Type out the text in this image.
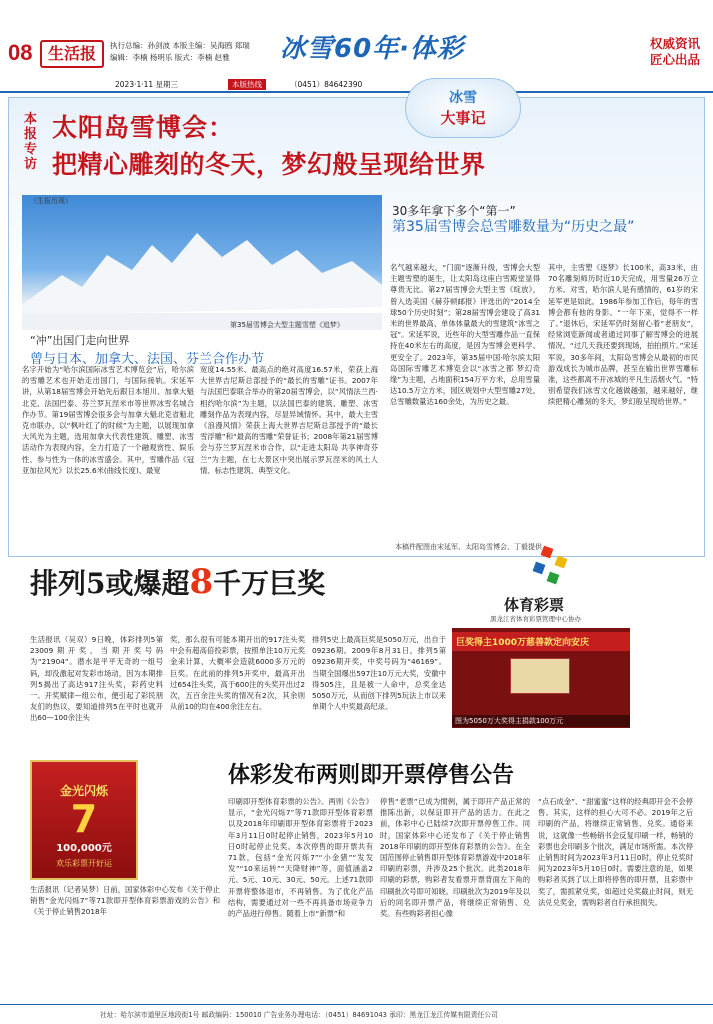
08 生活报	执行总编：孙剑波 本版主编：吴海鸥 郑瑞
编辑：李楠 杨明乐 版式：李楠 赵雅	冰雪60年·体彩	权威资讯
匠心出品
2023·1·11 星期三	本版热线	（0451）84642390
本报专访
太阳岛雪博会：
把精心雕刻的冬天，梦幻般呈现给世界
冰雪
大事记
（生报历视）
第35届雪博会大型主题雪塑《追梦》
30多年拿下多个“第一”
第35届雪博会总雪雕数量为“历史之最”
“冲”出国门走向世界
曾与日本、加拿大、法国、芬兰合作办节
名字开始为“哈尔滨国际冰雪艺术博览会”后，哈尔滨的雪雕艺术也开始走出国门，与国际接轨。宋延军讲，从第18届雪博会开始先后跟日本旭川、加拿大魁北克、法国巴泰、芬兰罗瓦涅米市等世界冰雪名城合作办节。第19届雪博会很多会与加拿大魁北克省魁北克市联办，以“枫叶红了的时候”为主题，以展现加拿大风光为主题，选用加拿大代表性建筑、雕塑、冰雪活动作为表现内容，全力打造了一个融观赏性、娱乐性、参与性为一体的冰雪盛会。其中，雪雕作品《冠亚加拉风光》以长25.6米(曲线长度)、最宽
宽度14.55米、最高点的绝对高度16.57米，荣获上海大世界吉尼斯总部授予的“最长的雪雕”证书。2007年与法国巴泰联合举办的第20届雪博会，以“风情法兰西·相约哈尔滨”为主题，以法国巴泰的建筑、雕塑、冰雪雕刻作品为表现内容，尽显异域情怀。其中，最大主雪《浪漫风情》荣获上海大世界吉尼斯总部授予的“最长雪浮雕”和“最高的雪雕”荣誉证书；2008年第21届雪博会与芬兰罗瓦涅米市合作，以“走进太阳岛 共享神奇芬兰”为主题，在七大景区中突出展示罗瓦涅米的风土人情、标志性建筑、典型文化。
名气越来越大，“门面”逐渐升级，雪博会大型主题雪塑的诞生，让太阳岛这座白雪殿堂显得尊贵无比。第27届雪博会大型主雪《绽放》，曾入选美国《赫芬顿邮报》评选出的“2014全球50个历史时刻”；第28届雪博会建设了高31米的世界最高、单体体量最大的雪建筑“冰雪之冠”。宋延军说，近些年的大型雪雕作品一直保持在40米左右的高度，是因为雪博会更科学、更安全了。2023年，第35届中国·哈尔滨太阳岛国际雪雕艺术博览会以“冰雪之都 梦幻奇缘”为主题，占地面积154万平方米，总用雪量达10.5万立方米，园区规划中大型雪雕27处，总雪雕数量达160余处，为历史之最。
其中，主雪塑《逐梦》长100米，高33米，由70名雕刻师历时近10天完成，用雪量26万立方米。对雪，哈尔滨人是有感情的，61岁的宋延军更是如此。1986年参加工作后，每年的雪博会都有他的身影。“一年下来，觉得不一样了。”退休后，宋延军仍时刻留心着“老朋友”，经常浏览新闻或者通过同事了解雪博会的进展情况。“过几天我还要到现场，拍拍照片。”宋延军说，30多年间，太阳岛雪博会从最初的市民游戏成长为城市品牌，甚至在输出世界雪雕标准，这些都离不开冰城的平凡生活烟火气。“特别希望我们冰雪文化越做越强，越来越好，继续把精心雕刻的冬天，梦幻般呈现给世界。”
本稿件配图由宋延军、太阳岛雪博会、丁毅提供
排列5或爆超8千万巨奖
体育彩票
黑龙江省体育彩票管理中心协办
巨奖得主1000万慈善款定向安庆
图为5050万大奖得主捐款100万元
生活报讯（吴双）9日晚，体彩排列5第23009期开奖，当期开奖号码为“21904”。潜水是平平无奇的一组号码，却没激起对发彩市场动，因为本期排列5揭出了高达917注头奖，彩药史料一。开奖赋律—组公布，便引起了彩民朋友们的热议，要知道排列5在平时也就开出60—100余注头
奖，那么很有可能本期开出的917注头奖中会有超高倍投彩票，按照单注10万元奖金来计算，大概率会造就6000多万元的巨奖。在此前的排列5开奖中，最高开出过654注头奖，高于600注的头奖开出过2次，五百余注头奖的情况有2次，其余则从前10的均在400余注左右。
排列5史上最高巨奖是5050万元，出自于09236期。2009年8月31日，排列5第09236期开奖，中奖号码为“46169”。当期全国爆出597注10万元大奖，安徽中得505注，且是被一人命中，总奖金达5050万元，从而创下排列5玩法上市以来单期个人中奖最高纪录。
金光闪烁
7
100,000元
欢乐彩票开好运
体彩发布两则即开票停售公告
生活报讯（记者吴梦）日前，国家体彩中心发布《关于停止销售“金光闪烁7”等71款即开型体育彩票游戏的公告》和《关于停止销售2018年
印刷即开型体育彩票的公告》。两则《公告》显示，“金光闪烁7”等71款即开型体育彩票以及2018年印刷即开型体育彩票将于2023年3月11日0时起停止销售，2023年5月10日0时起停止兑奖。本次停售的即开票共有71款，包括“金光闪烁7”“小金猪”“发发发”“10来运转”“天降财神”等，面值涵盖2元、5元、10元、30元、50元。上述71款即开票将整体退市，不再销售。为了优化产品结构，需要通过对一些不再具备市场竞争力的产品进行停售。随着上市“新票”和
停售“老票”已成为惯例，属于即开产品正常的推陈出新，以保证即开产品的活力。在此之前，体彩中心已陆续7次即开票停售工作。同时，国家体彩中心还发布了《关于停止销售2018年印刷的即开型体育彩票的公告》。在全国范围停止销售即开型体育彩票游戏中2018年印刷的彩票，并涉及25个批次。此类2018年印刷的彩票，购彩者发看票开票背面左下角的印刷批次号即可知晓。印刷批次为2019年及以后的同名即开票产品，将继续正常销售、兑奖。有些购彩者担心像
“点石成金”、“甜蜜蜜”这样的经典即开会不会停售。其实，这样的担心大可不必。2019年之后印刷的产品，将继续正常销售、兑奖。通俗来说，这就像一些畅销书会反复印刷一样，畅销的彩票也会印刷多个批次，满足市场所需。本次停止销售时间为2023年3月11日0时，停止兑奖时间为2023年5月10日0时。需要注意的是，如果购彩者买到了以上即将停售的即开票，且彩票中奖了，需抓紧兑奖，如超过兑奖截止时间，则无法兑兑奖金，需购彩者自行承担损失。
社址：哈尔滨市道里区地段街1号 邮政编码：150010 广告业务办理电话：（0451）84691043 承印：黑龙江龙江传媒有限责任公司
